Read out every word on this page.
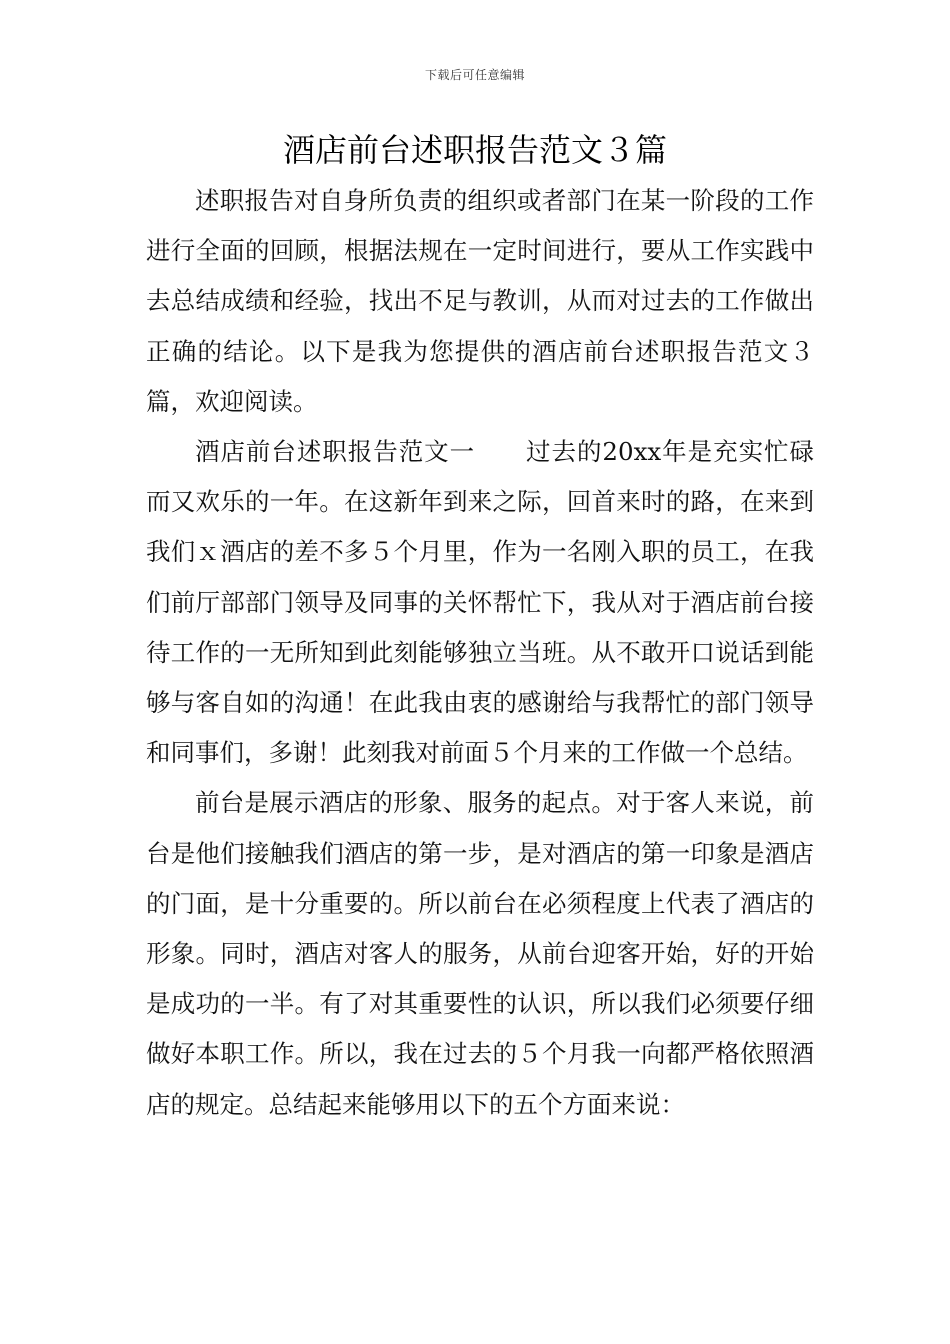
下载后可任意编辑
酒店前台述职报告范文３篇

述职报告对自身所负责的组织或者部门在某一阶段的工作进行全面的回顾，根据法规在一定时间进行，要从工作实践中去总结成绩和经验，找出不足与教训，从而对过去的工作做出正确的结论。以下是我为您提供的酒店前台述职报告范文３篇，欢迎阅读。

酒店前台述职报告范文一　　过去的20xx年是充实忙碌而又欢乐的一年。在这新年到来之际，回首来时的路，在来到我们ｘ酒店的差不多５个月里，作为一名刚入职的员工，在我们前厅部部门领导及同事的关怀帮忙下，我从对于酒店前台接待工作的一无所知到此刻能够独立当班。从不敢开口说话到能够与客自如的沟通！在此我由衷的感谢给与我帮忙的部门领导和同事们，多谢！此刻我对前面５个月来的工作做一个总结。

前台是展示酒店的形象、服务的起点。对于客人来说，前台是他们接触我们酒店的第一步，是对酒店的第一印象是酒店的门面，是十分重要的。所以前台在必须程度上代表了酒店的形象。同时，酒店对客人的服务，从前台迎客开始，好的开始是成功的一半。有了对其重要性的认识，所以我们必须要仔细做好本职工作。所以，我在过去的５个月我一向都严格依照酒店的规定。总结起来能够用以下的五个方面来说：
